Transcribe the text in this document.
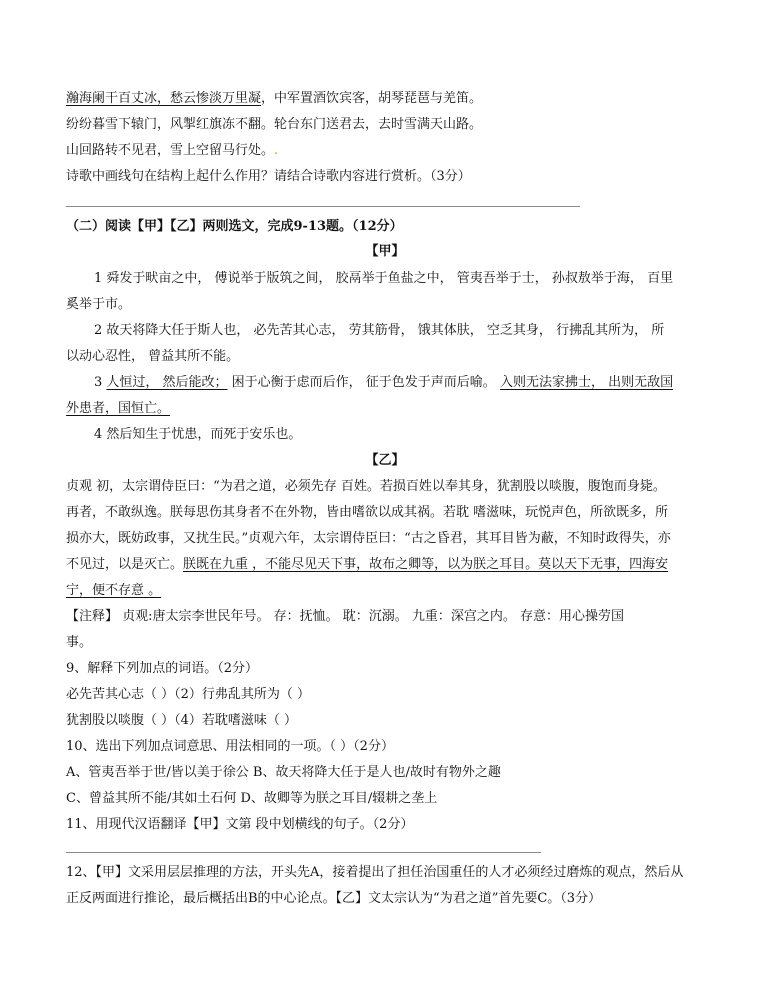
瀚海阑干百丈冰，愁云惨淡万里凝，中军置酒饮宾客，胡琴琵琶与羌笛。
纷纷暮雪下辕门，风掣红旗冻不翻。轮台东门送君去，去时雪满天山路。
山回路转不见君，雪上空留马行处。.
诗歌中画线句在结构上起什么作用？请结合诗歌内容进行赏析。（3分）
（二）阅读【甲】【乙】两则选文，完成9-13题。（12分）
【甲】
1 舜发于畎亩之中， 傅说举于版筑之间， 胶鬲举于鱼盐之中， 管夷吾举于士， 孙叔敖举于海， 百里
奚举于市。
2 故天将降大任于斯人也， 必先苦其心志， 劳其筋骨， 饿其体肤， 空乏其身， 行拂乱其所为， 所
以动心忍性， 曾益其所不能。
3 人恒过， 然后能改； 困于心衡于虑而后作， 征于色发于声而后喻。 入则无法家拂士， 出则无敌国
外患者，国恒亡。
4 然后知生于忧患，而死于安乐也。
【乙】
贞观 初，太宗谓侍臣曰：“为君之道，必须先存 百姓。若损百姓以奉其身，犹割股以啖腹，腹饱而身毙。
再者，不敢纵逸。朕每思伤其身者不在外物，皆由嗜欲以成其祸。若耽 嗜滋味，玩悦声色，所欲既多，所
损亦大，既妨政事，又扰生民。”贞观六年，太宗谓侍臣曰：“古之昏君，其耳目皆为蔽，不知时政得失，亦
不见过，以是灭亡。朕既在九重 ，不能尽见天下事，故布之卿等，以为朕之耳目。莫以天下无事，四海安
宁，便不存意 。
【注释】 贞观:唐太宗李世民年号。 存：抚恤。 耽：沉溺。 九重：深宫之内。 存意：用心操劳国
事。
9、解释下列加点的词语。（2分）
必先苦其心志（ ）（2）行弗乱其所为（ ）
犹割股以啖腹（ ）（4）若耽嗜滋味（ ）
10、选出下列加点词意思、用法相同的一项。（ ）（2分）
A、管夷吾举于世/皆以美于徐公 B、故天将降大任于是人也/故时有物外之趣
C、曾益其所不能/其如土石何 D、故卿等为朕之耳目/辍耕之垄上
11、用现代汉语翻译【甲】文第 段中划横线的句子。（2分）
12、【甲】文采用层层推理的方法，开头先A，接着提出了担任治国重任的人才必须经过磨炼的观点，然后从
正反两面进行推论，最后概括出B的中心论点。【乙】文太宗认为“为君之道”首先要C。（3分）
